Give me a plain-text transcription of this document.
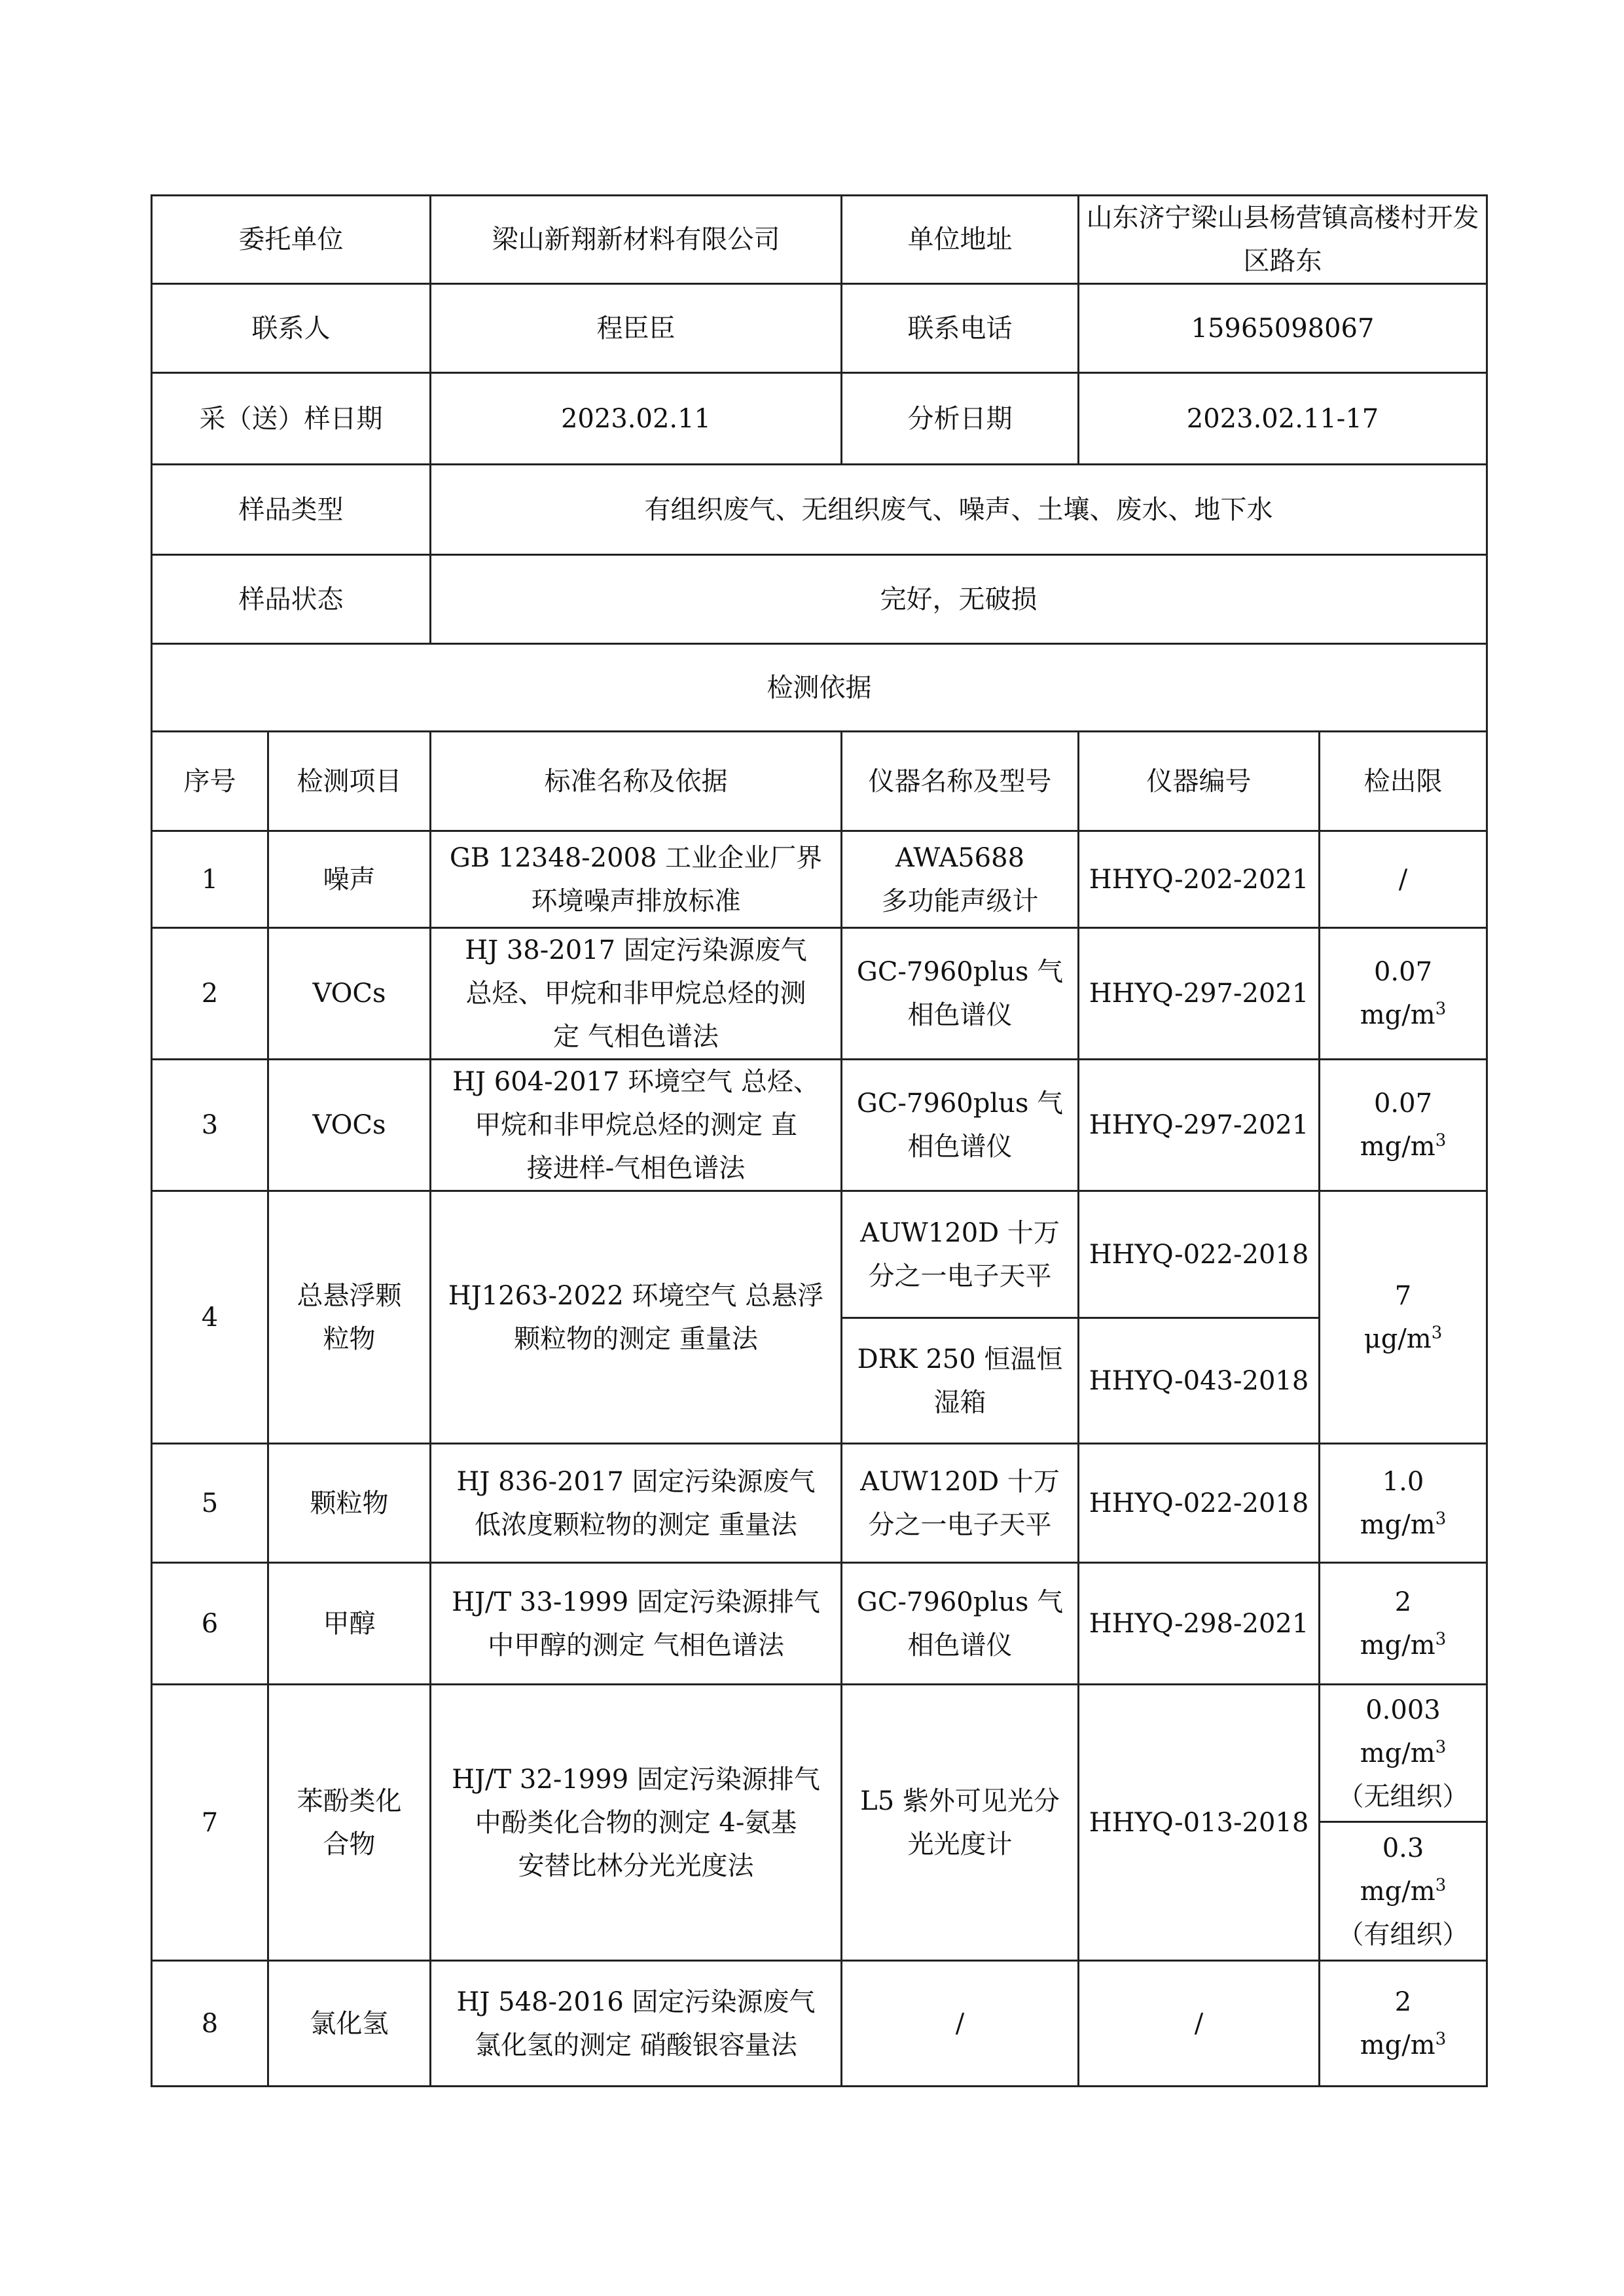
委托单位		梁山新翔新材料有限公司	单位地址	山东济宁梁山县杨营镇高楼村开发
区路东	

联系人		程臣臣	联系电话	15965098067	
采（送）样日期		2023.02.11	分析日期	2023.02.11-17	
样品类型		有组织废气、无组织废气、噪声、土壤、废水、地下水			
样品状态		完好，无破损			
检测依据					
序号	检测项目	标准名称及依据	仪器名称及型号	仪器编号	检出限
1	噪声	GB 12348-2008 工业企业厂界
环境噪声排放标准	AWA5688
多功能声级计	HHYQ-202-2021	/
2	VOCs	HJ 38-2017 固定污染源废气
总烃、甲烷和非甲烷总烃的测
定 气相色谱法	GC-7960plus 气
相色谱仪	HHYQ-297-2021	0.07
$mg/m^3$

3	VOCs	HJ 604-2017 环境空气 总烃、
甲烷和非甲烷总烃的测定 直
接进样-气相色谱法	GC-7960plus 气
相色谱仪	HHYQ-297-2021	0.07
$mg/m^3$

4	总悬浮颗
粒物	HJ1263-2022 环境空气 总悬浮
颗粒物的测定 重量法	AUW120D 十万
分之一电子天平	HHYQ-022-2018	7
$\mu g/m^3$

			DRK 250 恒温恒
湿箱	HHYQ-043-2018	
5	颗粒物	HJ 836-2017 固定污染源废气
低浓度颗粒物的测定 重量法	AUW120D 十万
分之一电子天平	HHYQ-022-2018	1.0
$mg/m^3$

6	甲醇	HJ/T 33-1999 固定污染源排气
中甲醇的测定 气相色谱法	GC-7960plus 气
相色谱仪	HHYQ-298-2021	2
$mg/m^3$

7	苯酚类化
合物	HJ/T 32-1999 固定污染源排气
中酚类化合物的测定 4-氨基
安替比林分光光度法	L5 紫外可见光分
光光度计	HHYQ-013-2018	0.003
$mg/m^3$
（无组织）

					0.3
$mg/m^3$
（有组织）

8	氯化氢	HJ 548-2016 固定污染源废气
氯化氢的测定 硝酸银容量法	/	/	2
$mg/m^3$
